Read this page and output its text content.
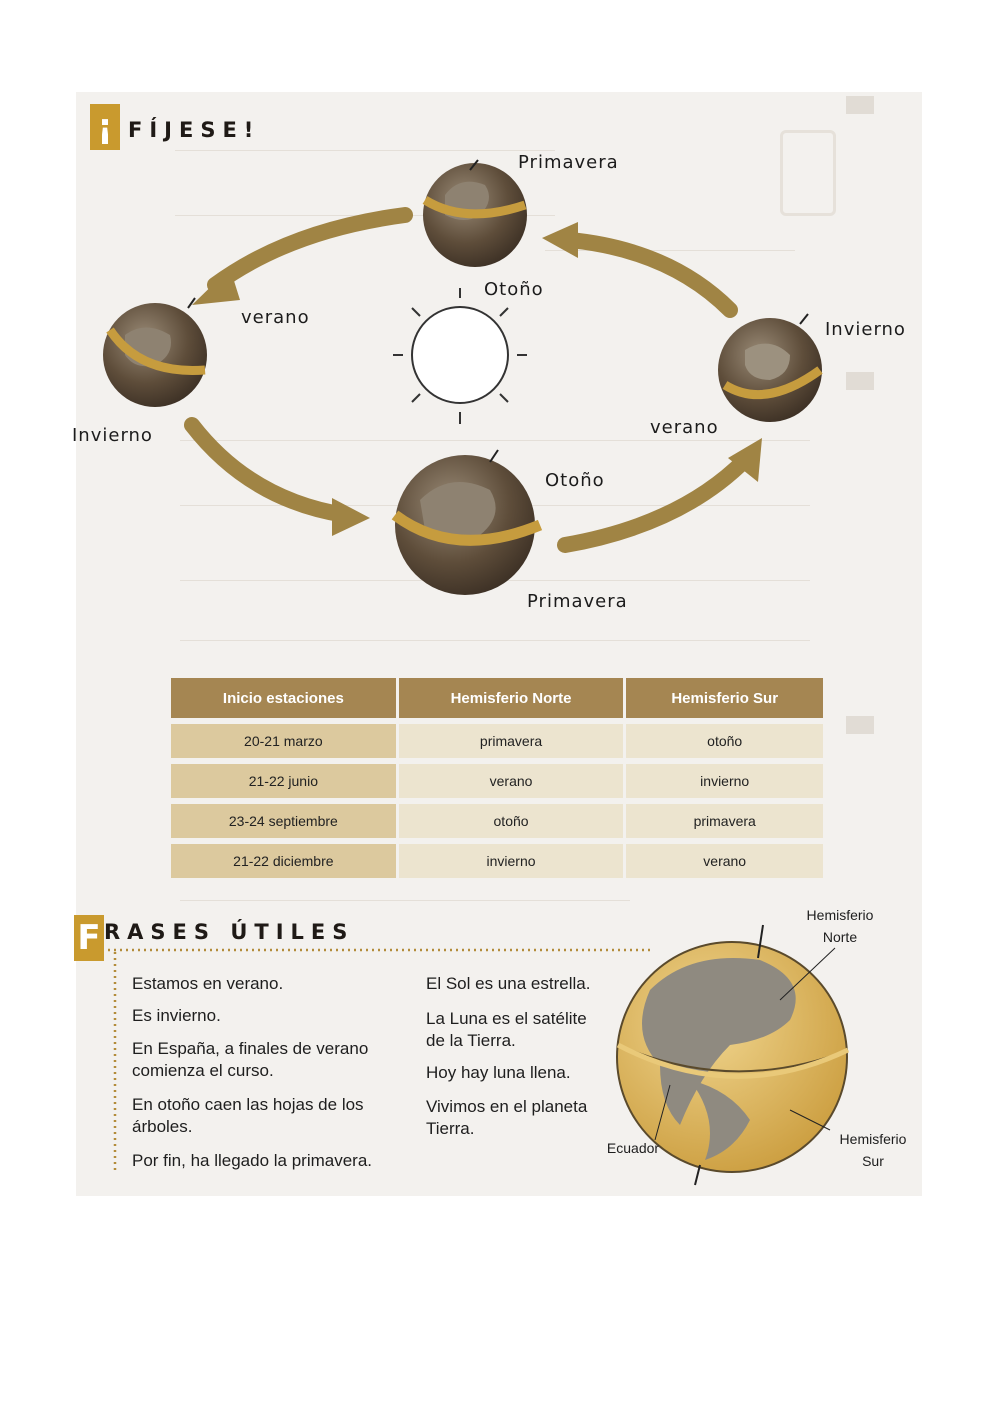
¡ FÍJESE!
Primavera
Otoño
verano
Invierno
Invierno	verano
Otoño
Primavera
Inicio estaciones	Hemisferio Norte	Hemisferio Sur
20-21 marzo	primavera	otoño
21-22 junio	verano	invierno
23-24 septiembre	otoño	primavera
21-22 diciembre	invierno	verano
F RASES ÚTILES
Estamos en verano.
Es invierno.
En España, a finales de verano
comienza el curso.
En otoño caen las hojas de los
árboles.
Por fin, ha llegado la primavera.
El Sol es una estrella.
La Luna es el satélite
de la Tierra.
Hoy hay luna llena.
Vivimos en el planeta
Tierra.
Hemisferio
Norte
Ecuador
Hemisferio
Sur
